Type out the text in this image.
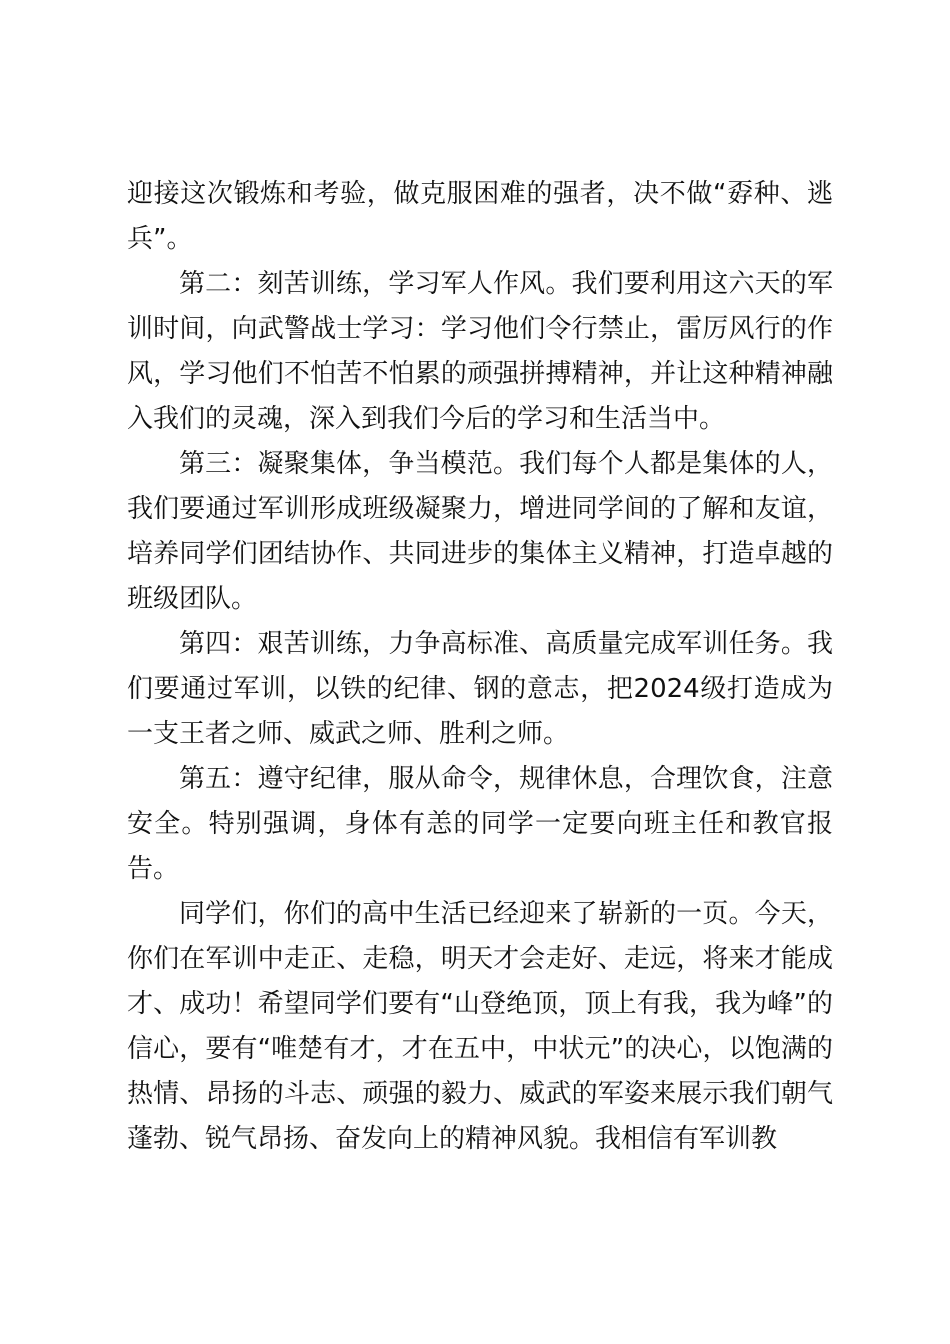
迎接这次锻炼和考验，做克服困难的强者，决不做“孬种、逃兵”。

第二：刻苦训练，学习军人作风。我们要利用这六天的军训时间，向武警战士学习：学习他们令行禁止，雷厉风行的作风，学习他们不怕苦不怕累的顽强拼搏精神，并让这种精神融入我们的灵魂，深入到我们今后的学习和生活当中。

第三：凝聚集体，争当模范。我们每个人都是集体的人，我们要通过军训形成班级凝聚力，增进同学间的了解和友谊，培养同学们团结协作、共同进步的集体主义精神，打造卓越的班级团队。

第四：艰苦训练，力争高标准、高质量完成军训任务。我们要通过军训，以铁的纪律、钢的意志，把2024级打造成为一支王者之师、威武之师、胜利之师。

第五：遵守纪律，服从命令，规律休息，合理饮食，注意安全。特别强调，身体有恙的同学一定要向班主任和教官报告。

同学们，你们的高中生活已经迎来了崭新的一页。今天，你们在军训中走正、走稳，明天才会走好、走远，将来才能成才、成功！希望同学们要有“山登绝顶，顶上有我，我为峰”的信心，要有“唯楚有才，才在五中，中状元”的决心，以饱满的热情、昂扬的斗志、顽强的毅力、威武的军姿来展示我们朝气蓬勃、锐气昂扬、奋发向上的精神风貌。我相信有军训教
